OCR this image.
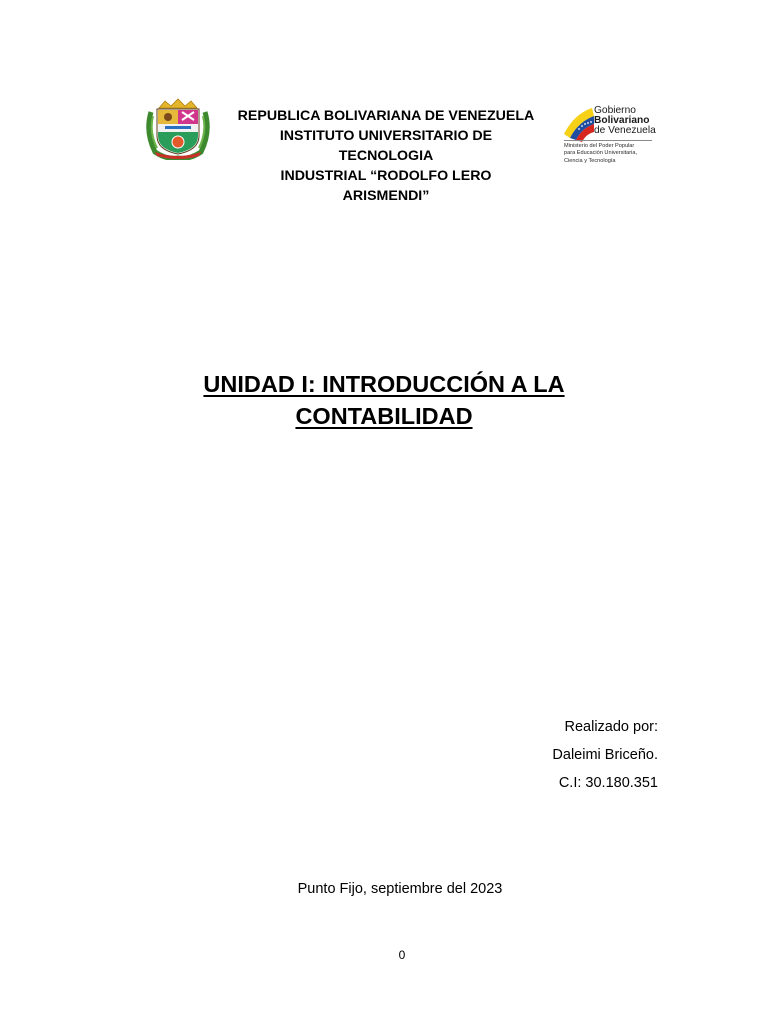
REPUBLICA BOLIVARIANA DE VENEZUELA
INSTITUTO UNIVERSITARIO DE
TECNOLOGIA
INDUSTRIAL “RODOLFO LERO
ARISMENDI”
Gobierno
Bolivariano
de Venezuela
Ministerio del Poder Popular
para Educación Universitaria,
Ciencia y Tecnología
UNIDAD I: INTRODUCCIÓN A LA
CONTABILIDAD
Realizado por:
Daleimi Briceño.
C.I: 30.180.351
Punto Fijo, septiembre del 2023
0
